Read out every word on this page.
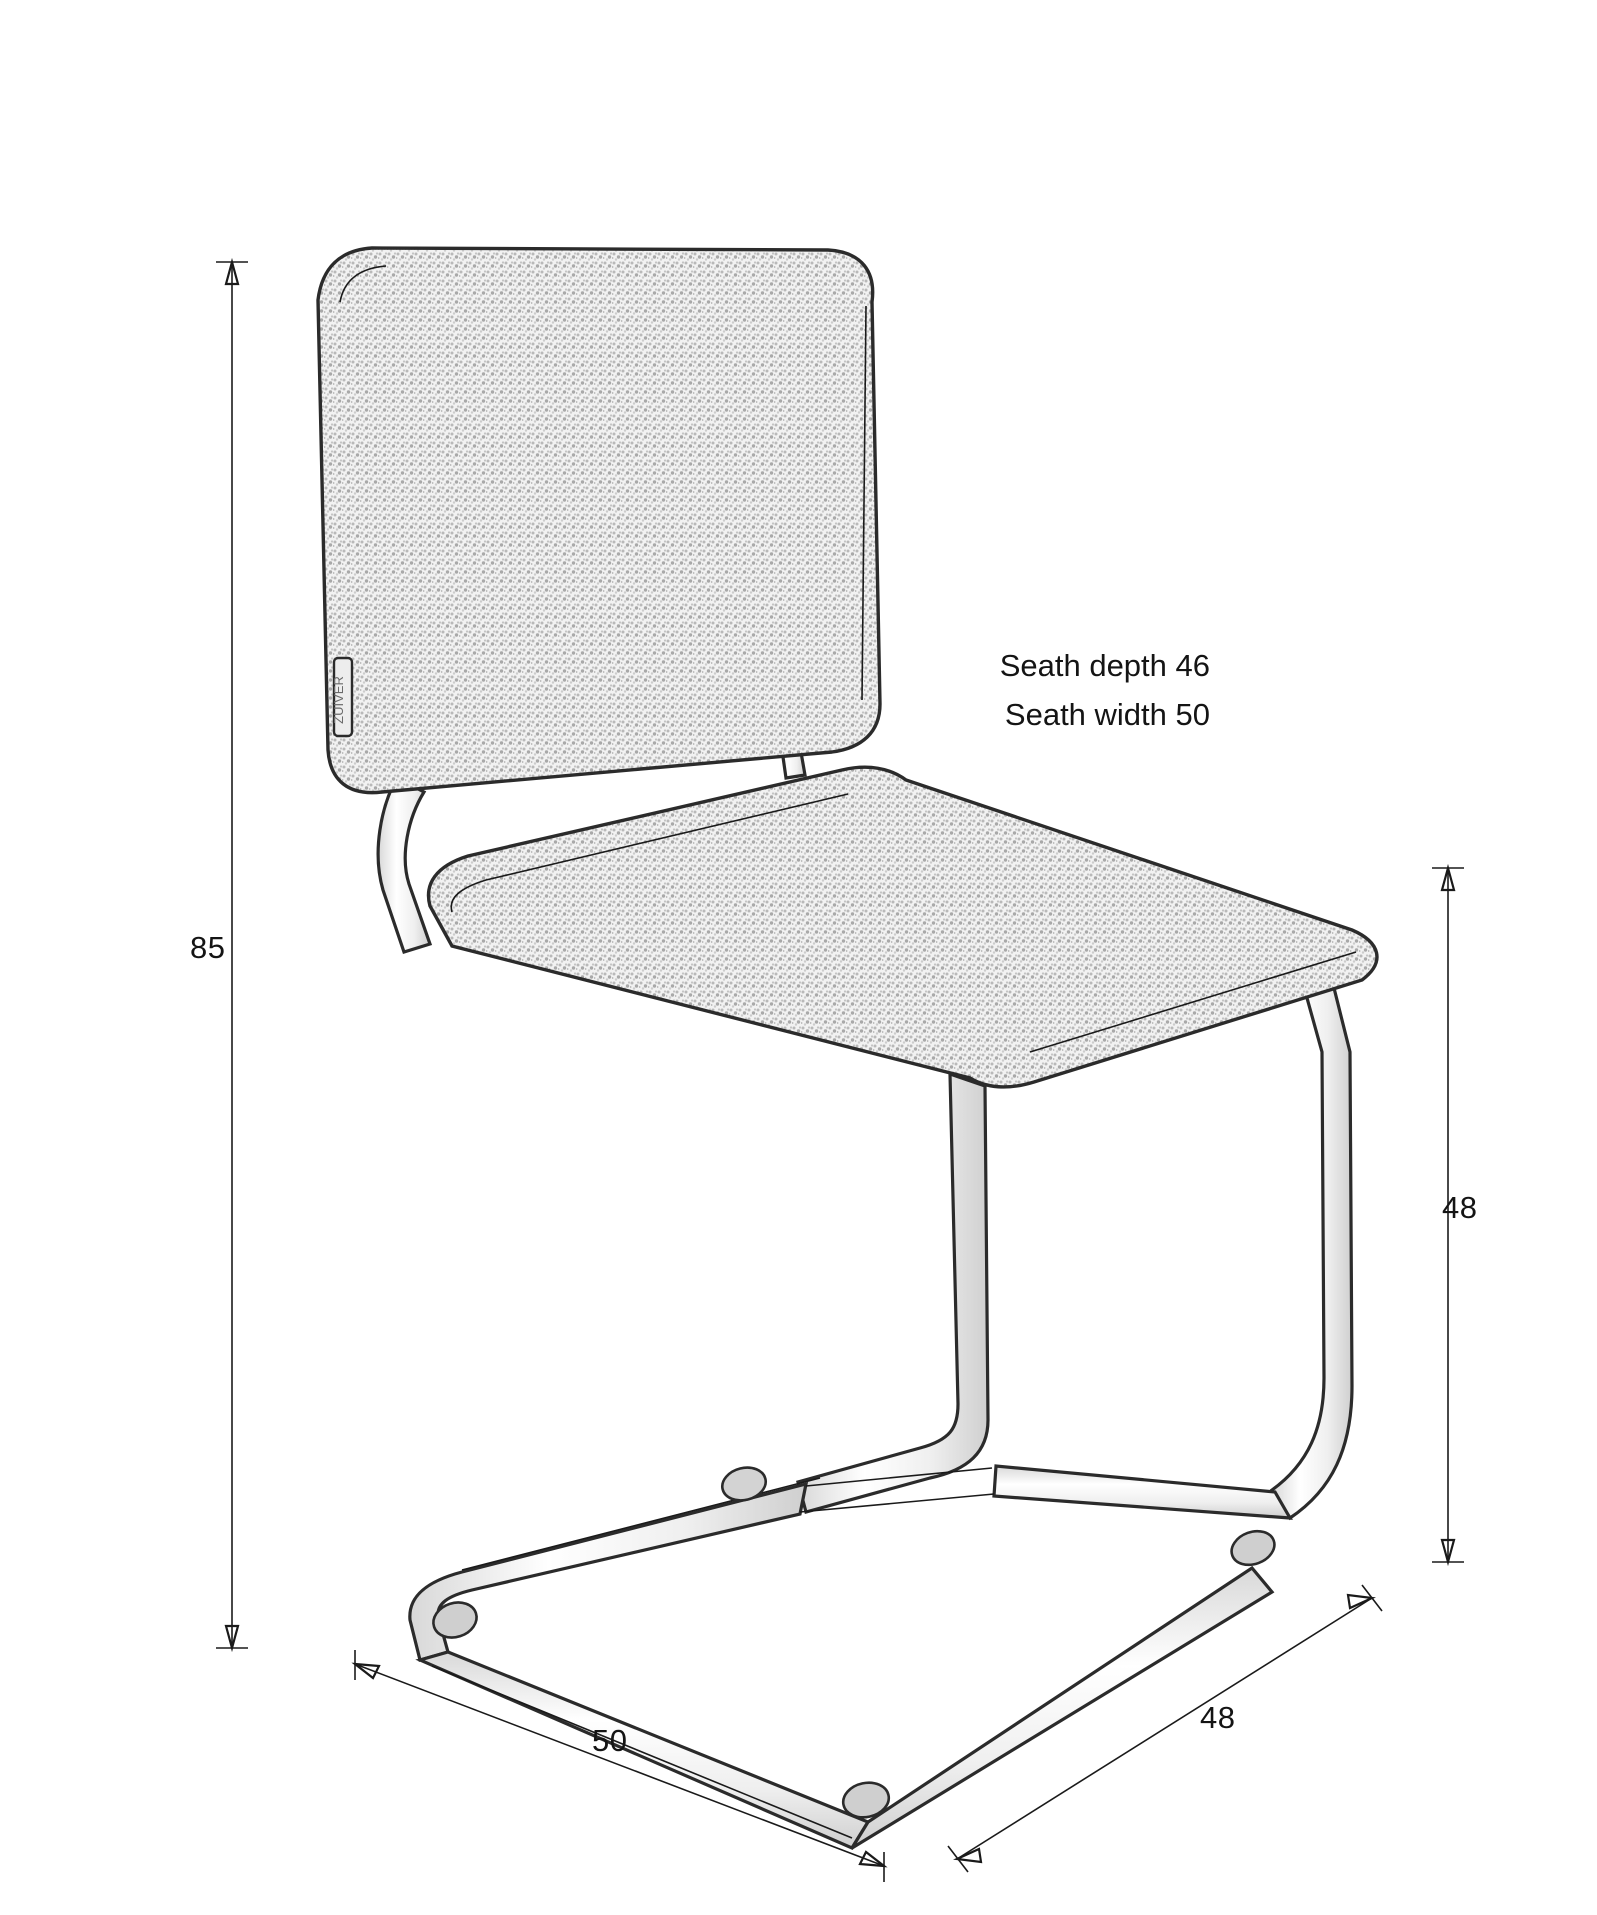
ZUIVER
85
48
50
48
Seath depth 46
Seath width 50
